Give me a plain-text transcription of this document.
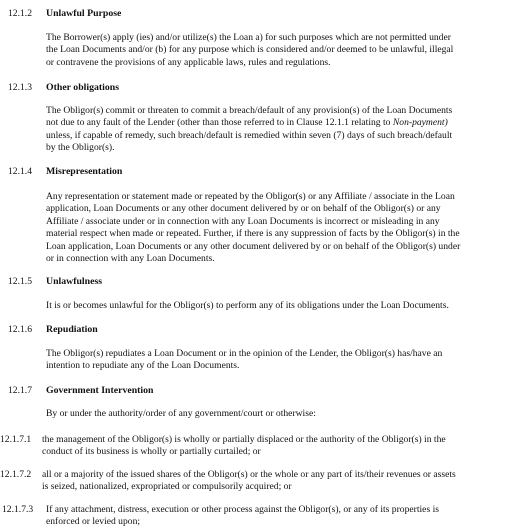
12.1.2 Unlawful Purpose
The Borrower(s) apply (ies) and/or utilize(s) the Loan a) for such purposes which are not permitted under
the Loan Documents and/or (b) for any purpose which is considered and/or deemed to be unlawful, illegal
or contravene the provisions of any applicable laws, rules and regulations.
12.1.3 Other obligations
The Obligor(s) commit or threaten to commit a breach/default of any provision(s) of the Loan Documents
not due to any fault of the Lender (other than those referred to in Clause 12.1.1 relating to Non-payment)
unless, if capable of remedy, such breach/default is remedied within seven (7) days of such breach/default
by the Obligor(s).
12.1.4 Misrepresentation
Any representation or statement made or repeated by the Obligor(s) or any Affiliate / associate in the Loan
application, Loan Documents or any other document delivered by or on behalf of the Obligor(s) or any
Affiliate / associate under or in connection with any Loan Documents is incorrect or misleading in any
material respect when made or repeated. Further, if there is any suppression of facts by the Obligor(s) in the
Loan application, Loan Documents or any other document delivered by or on behalf of the Obligor(s) under
or in connection with any Loan Documents.
12.1.5 Unlawfulness
It is or becomes unlawful for the Obligor(s) to perform any of its obligations under the Loan Documents.
12.1.6 Repudiation
The Obligor(s) repudiates a Loan Document or in the opinion of the Lender, the Obligor(s) has/have an
intention to repudiate any of the Loan Documents.
12.1.7 Government Intervention
By or under the authority/order of any government/court or otherwise:
12.1.7.1 the management of the Obligor(s) is wholly or partially displaced or the authority of the Obligor(s) in the
conduct of its business is wholly or partially curtailed; or
12.1.7.2 all or a majority of the issued shares of the Obligor(s) or the whole or any part of its/their revenues or assets
is seized, nationalized, expropriated or compulsorily acquired; or
12.1.7.3 If any attachment, distress, execution or other process against the Obligor(s), or any of its properties is
enforced or levied upon;
